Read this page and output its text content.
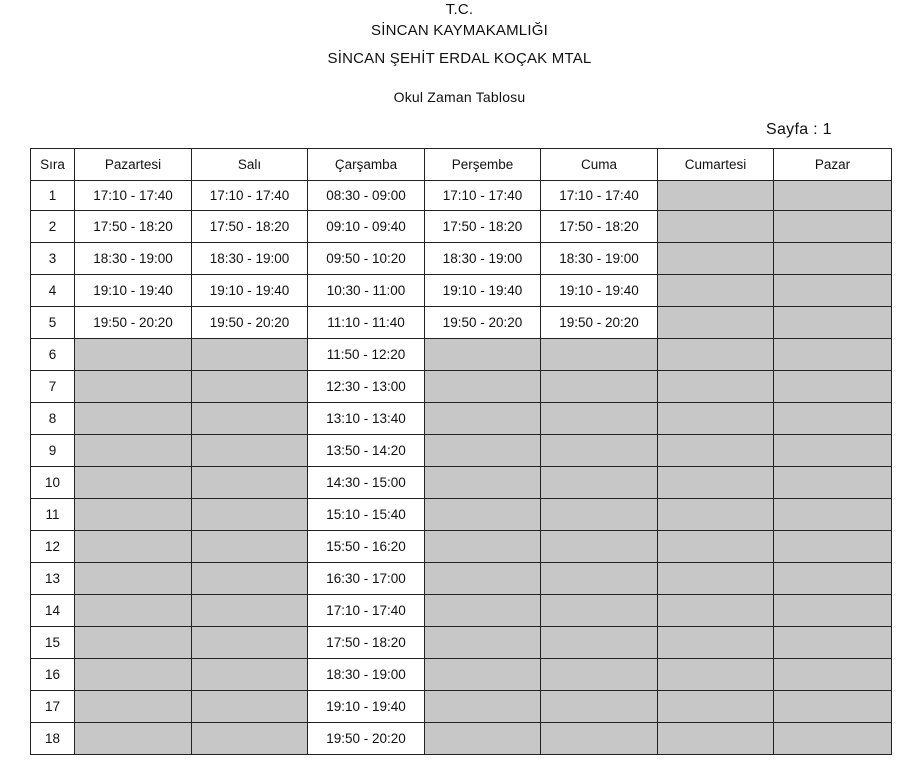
T.C.
SİNCAN KAYMAKAMLIĞI
SİNCAN ŞEHİT ERDAL KOÇAK MTAL
Okul Zaman Tablosu
Sayfa : 1
Sıra	Pazartesi	Salı	Çarşamba	Perşembe	Cuma	Cumartesi	Pazar
1	17:10 - 17:40	17:10 - 17:40	08:30 - 09:00	17:10 - 17:40	17:10 - 17:40		
2	17:50 - 18:20	17:50 - 18:20	09:10 - 09:40	17:50 - 18:20	17:50 - 18:20		
3	18:30 - 19:00	18:30 - 19:00	09:50 - 10:20	18:30 - 19:00	18:30 - 19:00		
4	19:10 - 19:40	19:10 - 19:40	10:30 - 11:00	19:10 - 19:40	19:10 - 19:40		
5	19:50 - 20:20	19:50 - 20:20	11:10 - 11:40	19:50 - 20:20	19:50 - 20:20		
6			11:50 - 12:20				
7			12:30 - 13:00				
8			13:10 - 13:40				
9			13:50 - 14:20				
10			14:30 - 15:00				
11			15:10 - 15:40				
12			15:50 - 16:20				
13			16:30 - 17:00				
14			17:10 - 17:40				
15			17:50 - 18:20				
16			18:30 - 19:00				
17			19:10 - 19:40				
18			19:50 - 20:20				
